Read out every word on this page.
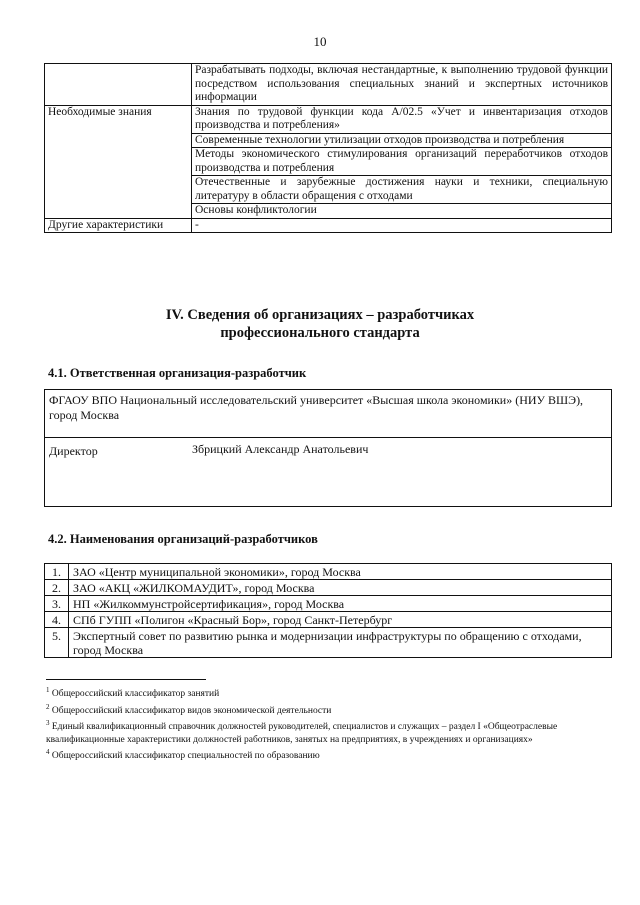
10
	Разрабатывать подходы, включая нестандартные, к выполнению трудовой функции посредством использования специальных знаний и экспертных источников информации
Необходимые знания	Знания по трудовой функции кода А/02.5 «Учет и инвентаризация отходов производства и потребления»
	Современные технологии утилизации отходов производства и потребления
	Методы экономического стимулирования организаций переработчиков отходов производства и потребления
	Отечественные и зарубежные достижения науки и техники, специальную литературу в области обращения с отходами
	Основы конфликтологии
Другие характеристики	-
IV. Сведения об организациях – разработчиках
профессионального стандарта
4.1. Ответственная организация-разработчик
ФГАОУ ВПО Национальный исследовательский университет «Высшая школа экономики» (НИУ ВШЭ), город Москва
Директор	Збрицкий Александр Анатольевич
4.2. Наименования организаций-разработчиков
1.	ЗАО «Центр муниципальной экономики», город Москва
2.	ЗАО «АКЦ «ЖИЛКОМАУДИТ», город Москва
3.	НП «Жилкоммунстройсертификация», город Москва
4.	СПб ГУПП «Полигон «Красный Бор», город Санкт-Петербург
5.	Экспертный совет по развитию рынка и модернизации инфраструктуры по обращению с отходами, город Москва

$^1$ Общероссийский классификатор занятий

$^2$ Общероссийский классификатор видов экономической деятельности

$^3$ Единый квалификационный справочник должностей руководителей, специалистов и служащих – раздел I «Общеотраслевые квалификационные характеристики должностей работников, занятых на предприятиях, в учреждениях и организациях»

$^4$ Общероссийский классификатор специальностей по образованию
